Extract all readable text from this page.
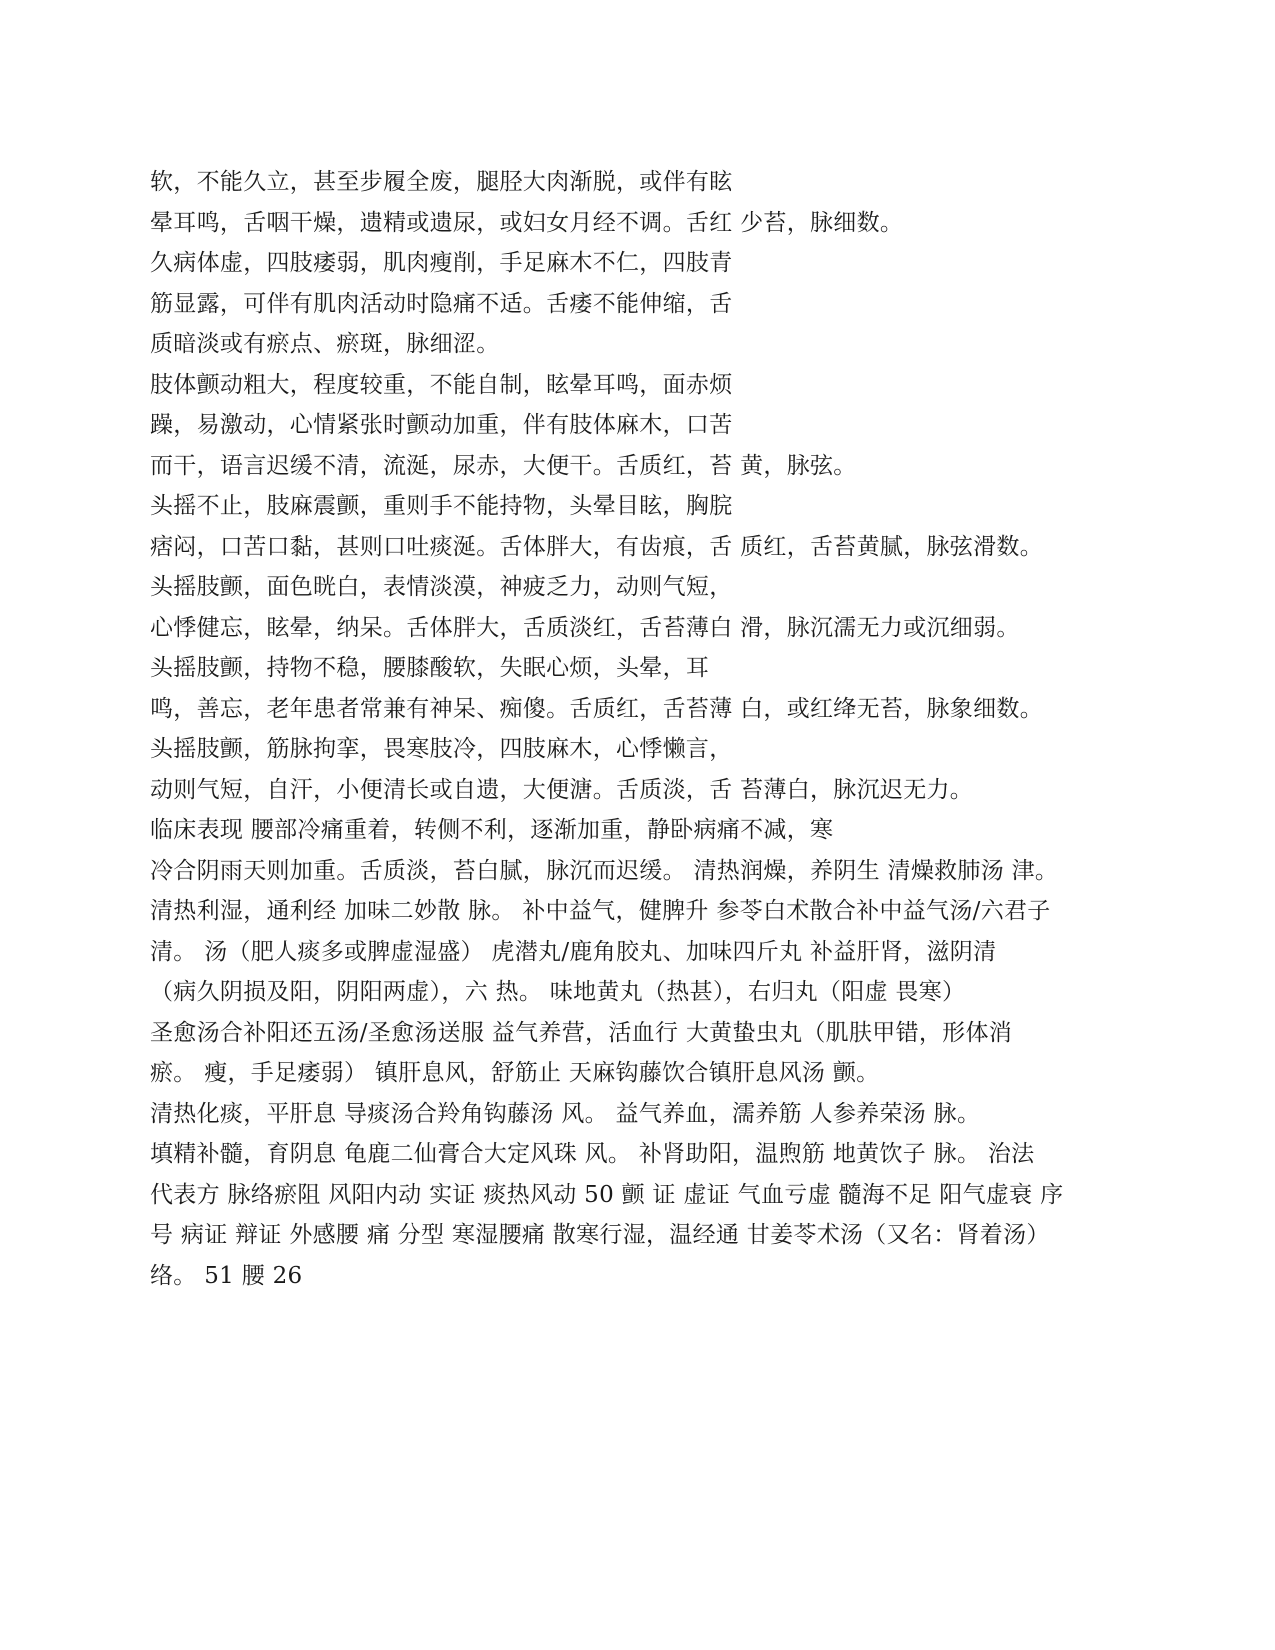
软，不能久立，甚至步履全废，腿胫大肉渐脱，或伴有眩
晕耳鸣，舌咽干燥，遗精或遗尿，或妇女月经不调。舌红 少苔，脉细数。
久病体虚，四肢痿弱，肌肉瘦削，手足麻木不仁，四肢青
筋显露，可伴有肌肉活动时隐痛不适。舌痿不能伸缩，舌
质暗淡或有瘀点、瘀斑，脉细涩。
肢体颤动粗大，程度较重，不能自制，眩晕耳鸣，面赤烦
躁，易激动，心情紧张时颤动加重，伴有肢体麻木，口苦
而干，语言迟缓不清，流涎，尿赤，大便干。舌质红，苔 黄，脉弦。
头摇不止，肢麻震颤，重则手不能持物，头晕目眩，胸脘
痞闷，口苦口黏，甚则口吐痰涎。舌体胖大，有齿痕，舌 质红，舌苔黄腻，脉弦滑数。
头摇肢颤，面色晄白，表情淡漠，神疲乏力，动则气短，
心悸健忘，眩晕，纳呆。舌体胖大，舌质淡红，舌苔薄白 滑，脉沉濡无力或沉细弱。
头摇肢颤，持物不稳，腰膝酸软，失眠心烦，头晕，耳
鸣，善忘，老年患者常兼有神呆、痴傻。舌质红，舌苔薄 白，或红绛无苔，脉象细数。
头摇肢颤，筋脉拘挛，畏寒肢冷，四肢麻木，心悸懒言，
动则气短，自汗，小便清长或自遗，大便溏。舌质淡，舌 苔薄白，脉沉迟无力。
临床表现 腰部冷痛重着，转侧不利，逐渐加重，静卧病痛不减，寒
冷合阴雨天则加重。舌质淡，苔白腻，脉沉而迟缓。 清热润燥，养阴生 清燥救肺汤 津。
清热利湿，通利经 加味二妙散 脉。 补中益气，健脾升 参苓白术散合补中益气汤/六君子
清。 汤（肥人痰多或脾虚湿盛） 虎潜丸/鹿角胶丸、加味四斤丸 补益肝肾，滋阴清
（病久阴损及阳，阴阳两虚），六 热。 味地黄丸（热甚），右归丸（阳虚 畏寒）
圣愈汤合补阳还五汤/圣愈汤送服 益气养营，活血行 大黄蛰虫丸（肌肤甲错，形体消
瘀。 瘦，手足痿弱） 镇肝息风，舒筋止 天麻钩藤饮合镇肝息风汤 颤。
清热化痰，平肝息 导痰汤合羚角钩藤汤 风。 益气养血，濡养筋 人参养荣汤 脉。
填精补髓，育阴息 龟鹿二仙膏合大定风珠 风。 补肾助阳，温煦筋 地黄饮子 脉。 治法
代表方 脉络瘀阻 风阳内动 实证 痰热风动 50 颤 证 虚证 气血亏虚 髓海不足 阳气虚衰 序
号 病证 辩证 外感腰 痛 分型 寒湿腰痛 散寒行湿，温经通 甘姜苓术汤（又名：肾着汤）
络。 51 腰 26
